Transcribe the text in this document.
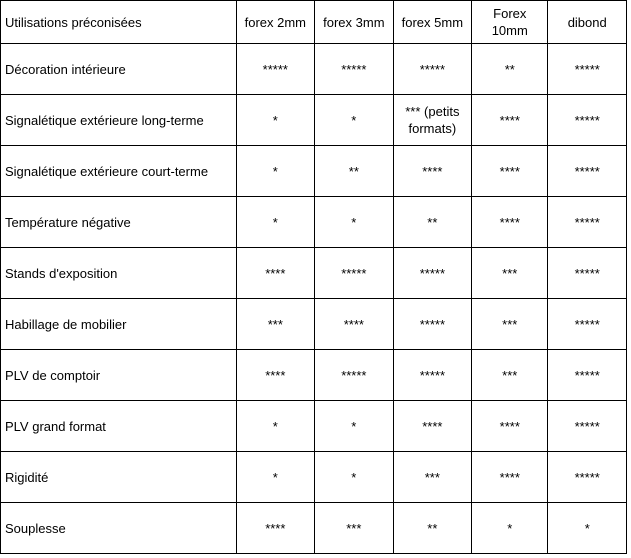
Utilisations préconisées	forex 2mm	forex 3mm	forex 5mm	Forex 10mm	dibond
Décoration intérieure	*****	*****	*****	**	*****
Signalétique extérieure long-terme	*	*	*** (petits formats)	****	*****
Signalétique extérieure court-terme	*	**	****	****	*****
Température négative	*	*	**	****	*****
Stands d'exposition	****	*****	*****	***	*****
Habillage de mobilier	***	****	*****	***	*****
PLV de comptoir	****	*****	*****	***	*****
PLV grand format	*	*	****	****	*****
Rigidité	*	*	***	****	*****
Souplesse	****	***	**	*	*
